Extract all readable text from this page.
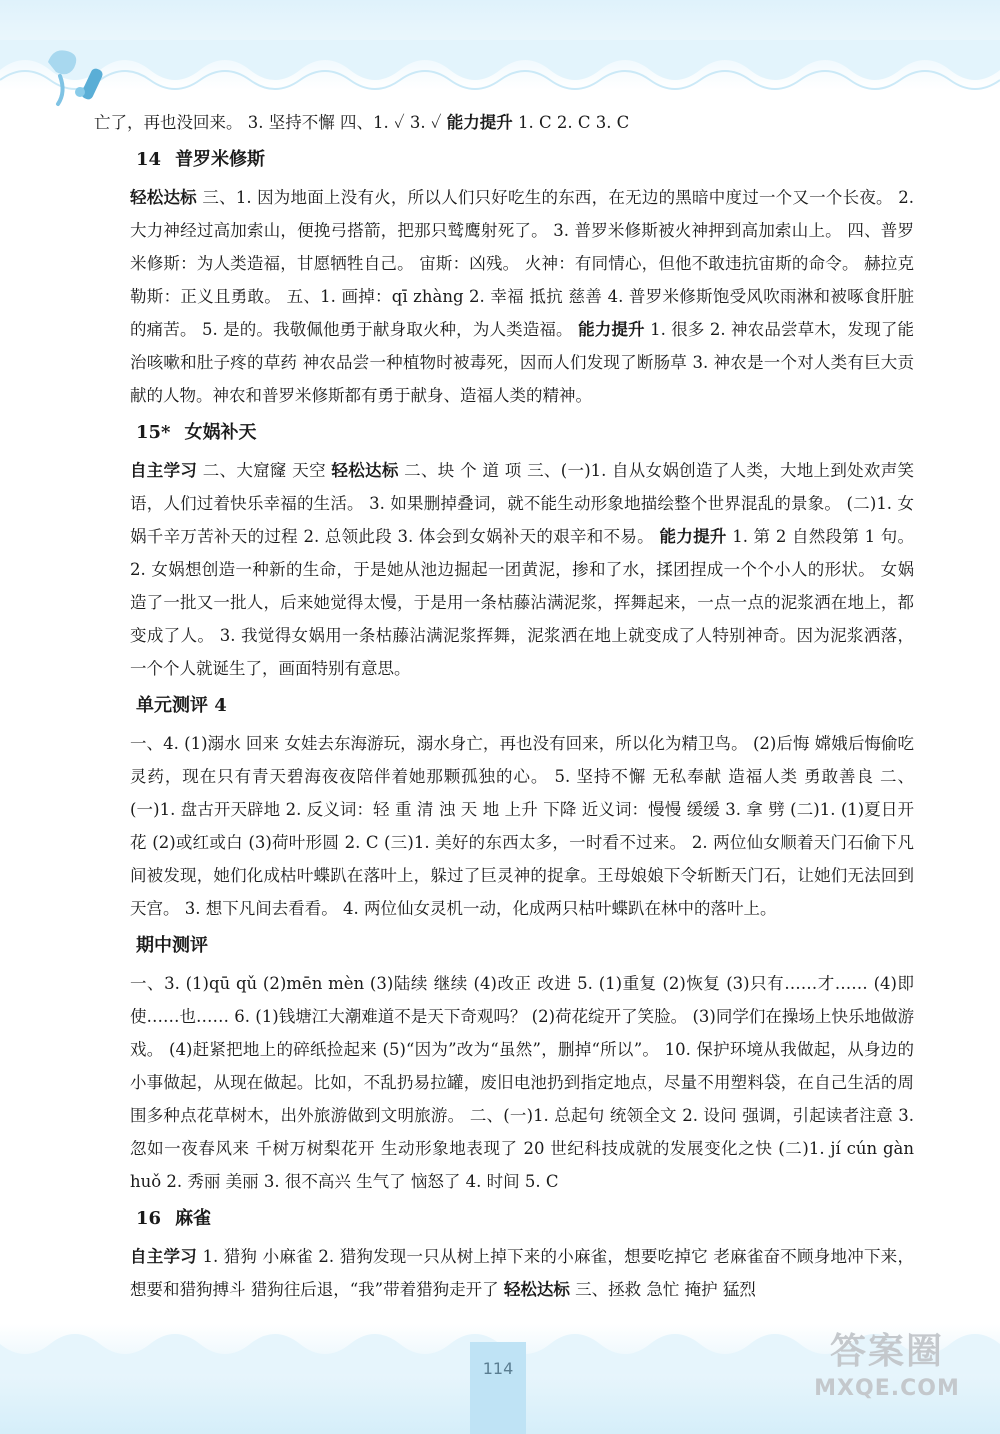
亡了，再也没回来。 3. 坚持不懈 四、1. ✓ 3. ✓ 能力提升 1. C 2. C 3. C

14 普罗米修斯

轻松达标 三、1. 因为地面上没有火，所以人们只好吃生的东西，在无边的黑暗中度过一个又一个长夜。 2. 大力神经过高加索山，便挽弓搭箭，把那只鹫鹰射死了。 3. 普罗米修斯被火神押到高加索山上。 四、普罗米修斯：为人类造福，甘愿牺牲自己。 宙斯：凶残。 火神：有同情心，但他不敢违抗宙斯的命令。 赫拉克勒斯：正义且勇敢。 五、1. 画掉：qī zhàng 2. 幸福 抵抗 慈善 4. 普罗米修斯饱受风吹雨淋和被啄食肝脏的痛苦。 5. 是的。我敬佩他勇于献身取火种，为人类造福。 能力提升 1. 很多 2. 神农品尝草木，发现了能治咳嗽和肚子疼的草药 神农品尝一种植物时被毒死，因而人们发现了断肠草 3. 神农是一个对人类有巨大贡献的人物。神农和普罗米修斯都有勇于献身、造福人类的精神。

15* 女娲补天

自主学习 二、大窟窿 天空 轻松达标 二、块 个 道 项 三、(一)1. 自从女娲创造了人类，大地上到处欢声笑语，人们过着快乐幸福的生活。 3. 如果删掉叠词，就不能生动形象地描绘整个世界混乱的景象。 (二)1. 女娲千辛万苦补天的过程 2. 总领此段 3. 体会到女娲补天的艰辛和不易。 能力提升 1. 第 2 自然段第 1 句。 2. 女娲想创造一种新的生命，于是她从池边掘起一团黄泥，掺和了水，揉团捏成一个个小人的形状。 女娲造了一批又一批人，后来她觉得太慢，于是用一条枯藤沾满泥浆，挥舞起来，一点一点的泥浆洒在地上，都变成了人。 3. 我觉得女娲用一条枯藤沾满泥浆挥舞，泥浆洒在地上就变成了人特别神奇。因为泥浆洒落，一个个人就诞生了，画面特别有意思。

单元测评 4

一、4. (1)溺水 回来 女娃去东海游玩，溺水身亡，再也没有回来，所以化为精卫鸟。 (2)后悔 嫦娥后悔偷吃灵药，现在只有青天碧海夜夜陪伴着她那颗孤独的心。 5. 坚持不懈 无私奉献 造福人类 勇敢善良 二、(一)1. 盘古开天辟地 2. 反义词：轻 重 清 浊 天 地 上升 下降 近义词：慢慢 缓缓 3. 拿 劈 (二)1. (1)夏日开花 (2)或红或白 (3)荷叶形圆 2. C (三)1. 美好的东西太多，一时看不过来。 2. 两位仙女顺着天门石偷下凡间被发现，她们化成枯叶蝶趴在落叶上，躲过了巨灵神的捉拿。王母娘娘下令斩断天门石，让她们无法回到天宫。 3. 想下凡间去看看。 4. 两位仙女灵机一动，化成两只枯叶蝶趴在林中的落叶上。

期中测评

一、3. (1)qū qǔ (2)mēn mèn (3)陆续 继续 (4)改正 改进 5. (1)重复 (2)恢复 (3)只有……才…… (4)即使……也…… 6. (1)钱塘江大潮难道不是天下奇观吗？ (2)荷花绽开了笑脸。 (3)同学们在操场上快乐地做游戏。 (4)赶紧把地上的碎纸捡起来 (5)“因为”改为“虽然”，删掉“所以”。 10. 保护环境从我做起，从身边的小事做起，从现在做起。比如，不乱扔易拉罐，废旧电池扔到指定地点，尽量不用塑料袋，在自己生活的周围多种点花草树木，出外旅游做到文明旅游。 二、(一)1. 总起句 统领全文 2. 设问 强调，引起读者注意 3. 忽如一夜春风来 千树万树梨花开 生动形象地表现了 20 世纪科技成就的发展变化之快 (二)1. jí cún gàn huǒ 2. 秀丽 美丽 3. 很不高兴 生气了 恼怒了 4. 时间 5. C

16 麻雀

自主学习 1. 猎狗 小麻雀 2. 猎狗发现一只从树上掉下来的小麻雀，想要吃掉它 老麻雀奋不顾身地冲下来，想要和猎狗搏斗 猎狗往后退，“我”带着猎狗走开了 轻松达标 三、拯救 急忙 掩护 猛烈

114	答案圈
MXQE.COM
